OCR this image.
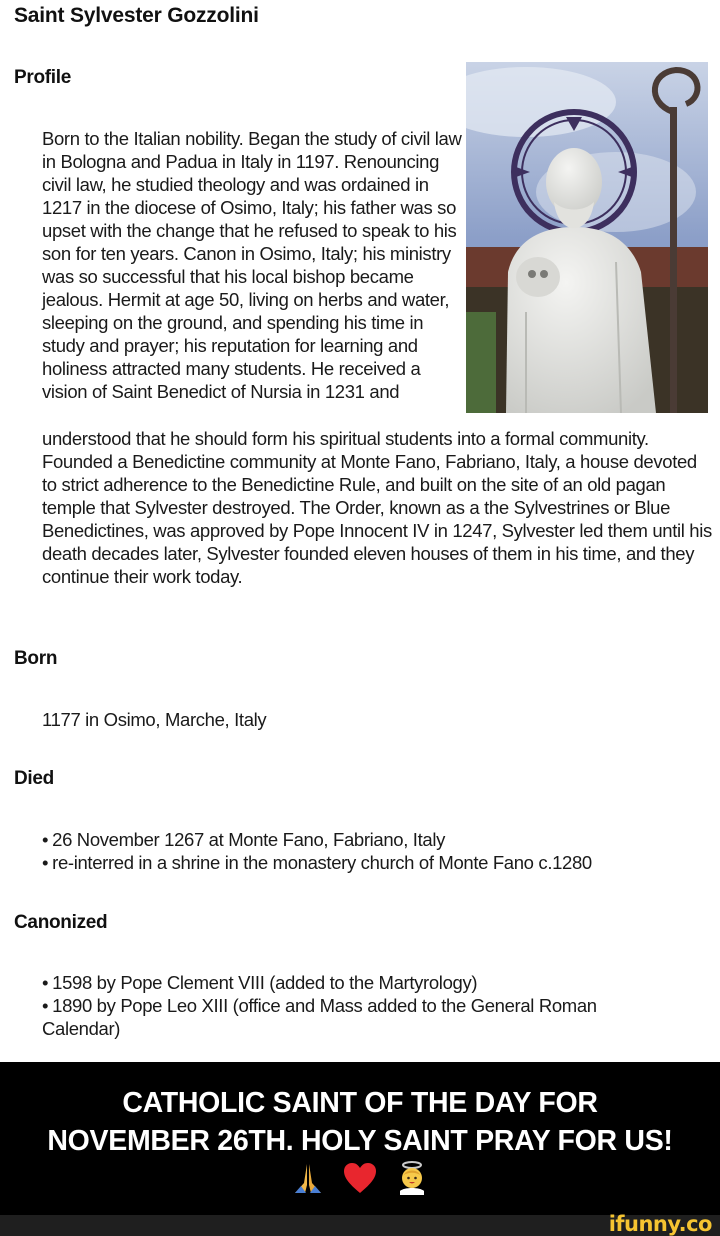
Saint Sylvester Gozzolini
Profile
Born to the Italian nobility. Began the study of civil law in Bologna and Padua in Italy in 1197. Renouncing civil law, he studied theology and was ordained in 1217 in the diocese of Osimo, Italy; his father was so upset with the change that he refused to speak to his son for ten years. Canon in Osimo, Italy; his ministry was so successful that his local bishop became jealous. Hermit at age 50, living on herbs and water, sleeping on the ground, and spending his time in study and prayer; his reputation for learning and holiness attracted many students. He received a vision of Saint Benedict of Nursia in 1231 and
understood that he should form his spiritual students into a formal community. Founded a Benedictine community at Monte Fano, Fabriano, Italy, a house devoted to strict adherence to the Benedictine Rule, and built on the site of an old pagan temple that Sylvester destroyed. The Order, known as a the Sylvestrines or Blue Benedictines, was approved by Pope Innocent IV in 1247, Sylvester led them until his death decades later, Sylvester founded eleven houses of them in his time, and they continue their work today.
Born
1177 in Osimo, Marche, Italy
Died
• 26 November 1267 at Monte Fano, Fabriano, Italy
• re-interred in a shrine in the monastery church of Monte Fano c.1280
Canonized
• 1598 by Pope Clement VIII (added to the Martyrology)
• 1890 by Pope Leo XIII (office and Mass added to the General Roman Calendar)
CATHOLIC SAINT OF THE DAY FOR
NOVEMBER 26TH. HOLY SAINT PRAY FOR US!

ifunny.co
